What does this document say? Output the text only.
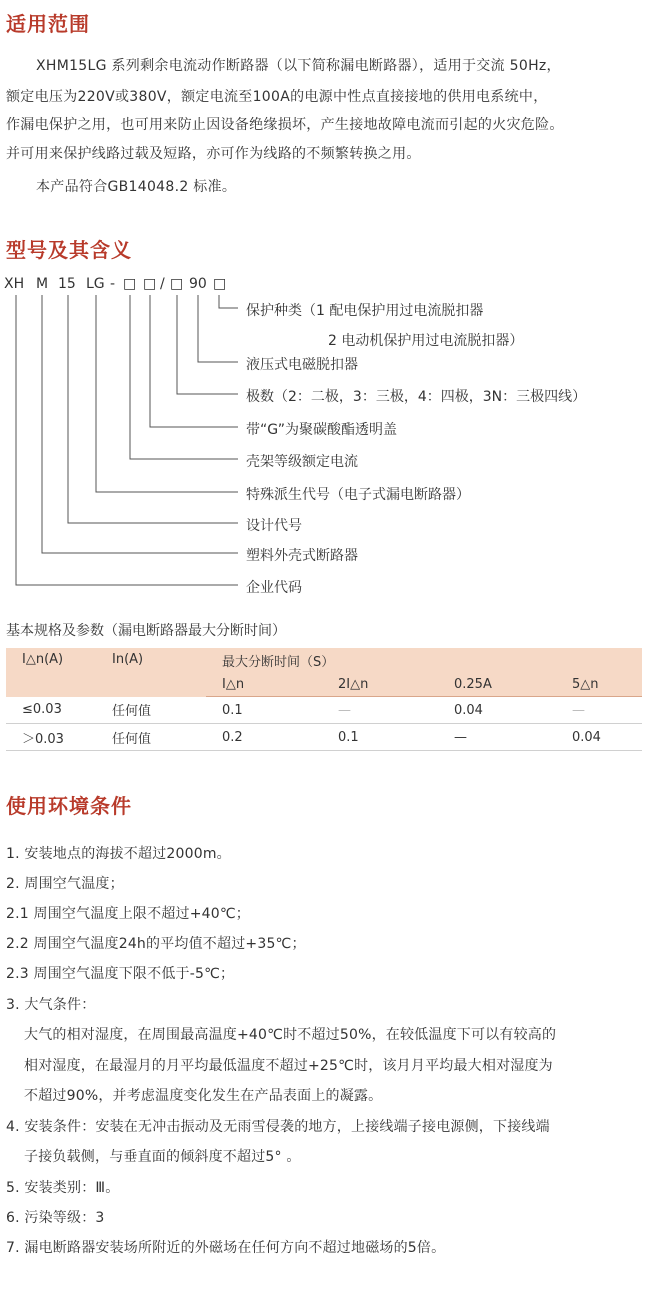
适用范围
XHM15LG 系列剩余电流动作断路器（以下简称漏电断路器），适用于交流 50Hz，
额定电压为220V或380V，额定电流至100A的电源中性点直接接地的供用电系统中，
作漏电保护之用，也可用来防止因设备绝缘损坏，产生接地故障电流而引起的火灾危险。
并可用来保护线路过载及短路，亦可作为线路的不频繁转换之用。
本产品符合GB14048.2 标准。
型号及其含义
XH M 15 LG - □ □ / □ 90 □
保护种类（1 配电保护用过电流脱扣器
2 电动机保护用过电流脱扣器）
液压式电磁脱扣器
极数（2：二极，3：三极，4：四极，3N：三极四线）
带“G”为聚碳酸酯透明盖
壳架等级额定电流
特殊派生代号（电子式漏电断路器）
设计代号
塑料外壳式断路器
企业代码
基本规格及参数（漏电断路器最大分断时间）
I△n(A)	In(A)	最大分断时间（S）			
		I△n	2I△n	0.25A	5△n
≤0.03	任何值	0.1	—	0.04	—
＞0.03	任何值	0.2	0.1	—	0.04
使用环境条件
1. 安装地点的海拔不超过2000m。
2. 周围空气温度；
2.1 周围空气温度上限不超过+40℃；
2.2 周围空气温度24h的平均值不超过+35℃；
2.3 周围空气温度下限不低于-5℃；
3. 大气条件：
大气的相对湿度，在周围最高温度+40℃时不超过50%，在较低温度下可以有较高的
相对湿度，在最湿月的月平均最低温度不超过+25℃时，该月月平均最大相对湿度为
不超过90%，并考虑温度变化发生在产品表面上的凝露。
4. 安装条件：安装在无冲击振动及无雨雪侵袭的地方，上接线端子接电源侧，下接线端
子接负载侧，与垂直面的倾斜度不超过5° 。
5. 安装类别：Ⅲ。
6. 污染等级：3
7. 漏电断路器安装场所附近的外磁场在任何方向不超过地磁场的5倍。
